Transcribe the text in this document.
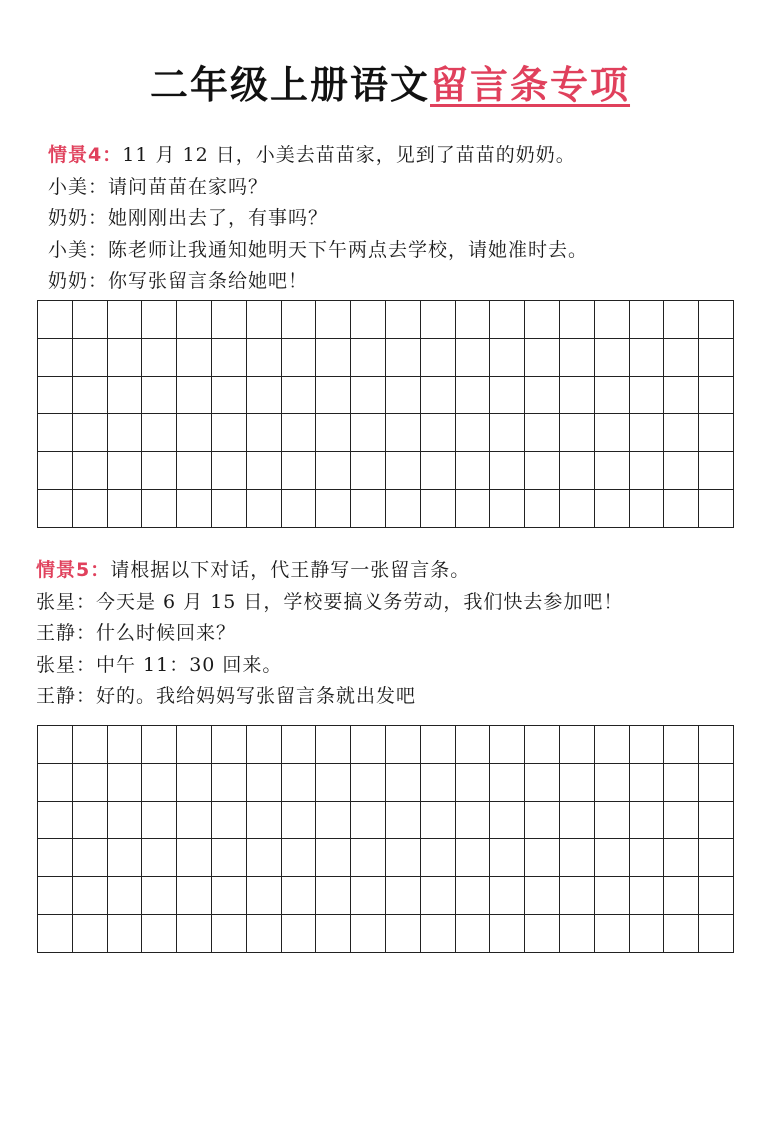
二年级上册语文留言条专项
情景4：11 月 12 日，小美去苗苗家，见到了苗苗的奶奶。
小美：请问苗苗在家吗？
奶奶：她刚刚出去了，有事吗？
小美：陈老师让我通知她明天下午两点去学校，请她准时去。
奶奶：你写张留言条给她吧！
情景5：请根据以下对话，代王静写一张留言条。
张星：今天是 6 月 15 日，学校要搞义务劳动，我们快去参加吧！
王静：什么时候回来？
张星：中午 11：30 回来。
王静：好的。我给妈妈写张留言条就出发吧
